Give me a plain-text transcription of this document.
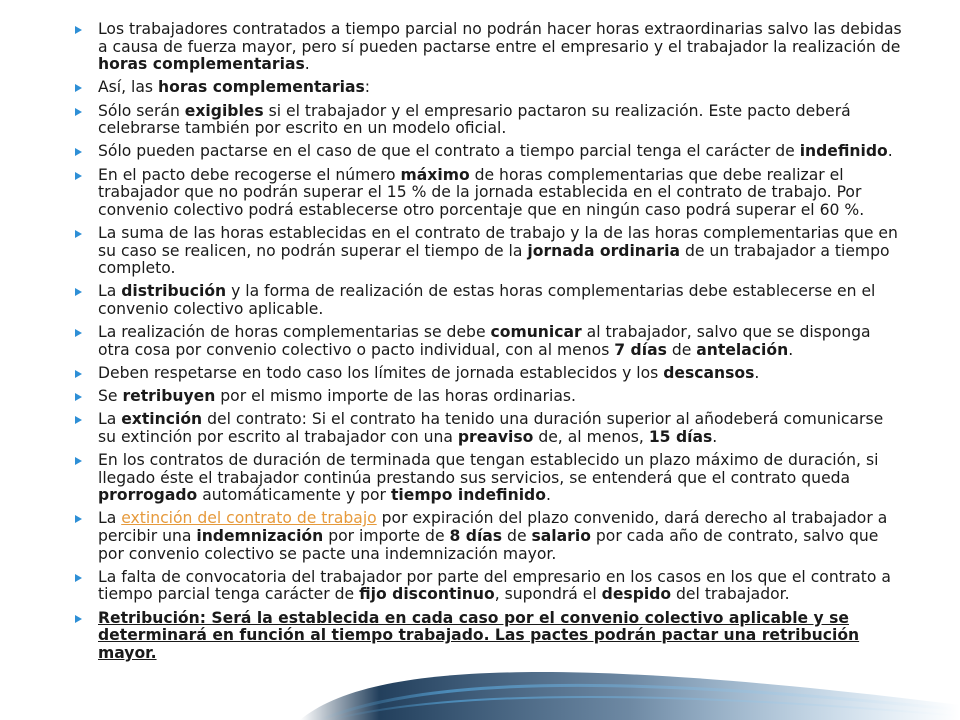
Los trabajadores contratados a tiempo parcial no podrán hacer horas extraordinarias salvo las debidas a causa de fuerza mayor, pero sí pueden pactarse entre el empresario y el trabajador la realización de horas complementarias.
Así, las horas complementarias:
Sólo serán exigibles si el trabajador y el empresario pactaron su realización. Este pacto deberá celebrarse también por escrito en un modelo oficial.
Sólo pueden pactarse en el caso de que el contrato a tiempo parcial tenga el carácter de indefinido.
En el pacto debe recogerse el número máximo de horas complementarias que debe realizar el trabajador que no podrán superar el 15 % de la jornada establecida en el contrato de trabajo. Por convenio colectivo podrá establecerse otro porcentaje que en ningún caso podrá superar el 60 %.
La suma de las horas establecidas en el contrato de trabajo y la de las horas complementarias que en su caso se realicen, no podrán superar el tiempo de la jornada ordinaria de un trabajador a tiempo completo.
La distribución y la forma de realización de estas horas complementarias debe establecerse en el convenio colectivo aplicable.
La realización de horas complementarias se debe comunicar al trabajador, salvo que se disponga otra cosa por convenio colectivo o pacto individual, con al menos 7 días de antelación.
Deben respetarse en todo caso los límites de jornada establecidos y los descansos.
Se retribuyen por el mismo importe de las horas ordinarias.
La extinción del contrato: Si el contrato ha tenido una duración superior al añodeberá comunicarse su extinción por escrito al trabajador con una preaviso de, al menos, 15 días.
En los contratos de duración de terminada que tengan establecido un plazo máximo de duración, si llegado éste el trabajador continúa prestando sus servicios, se entenderá que el contrato queda prorrogado automáticamente y por tiempo indefinido.
La extinción del contrato de trabajo por expiración del plazo convenido, dará derecho al trabajador a percibir una indemnización por importe de 8 días de salario por cada año de contrato, salvo que por convenio colectivo se pacte una indemnización mayor.
La falta de convocatoria del trabajador por parte del empresario en los casos en los que el contrato a tiempo parcial tenga carácter de fijo discontinuo, supondrá el despido del trabajador.
Retribución: Será la establecida en cada caso por el convenio colectivo aplicable y se determinará en función al tiempo trabajado. Las pactes podrán pactar una retribución mayor.
